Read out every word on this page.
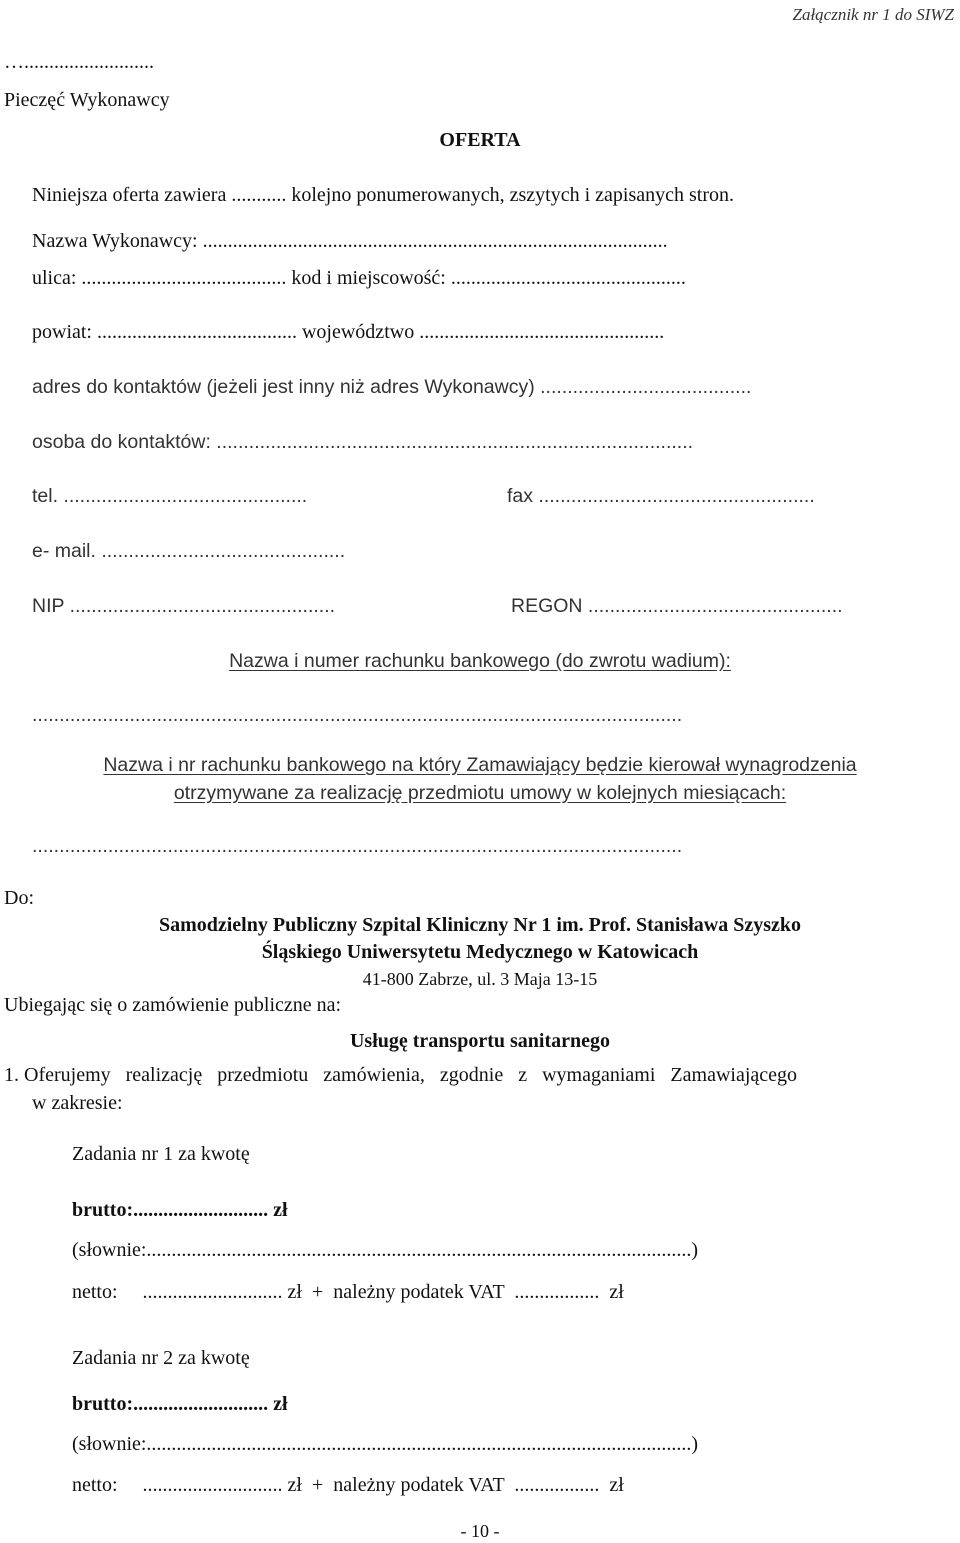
Załącznik nr 1 do SIWZ
…..........................
Pieczęć Wykonawcy
OFERTA
Niniejsza oferta zawiera ........... kolejno ponumerowanych, zszytych i zapisanych stron.
Nazwa Wykonawcy: .............................................................................................
ulica: ......................................... kod i miejscowość: ...............................................
powiat: ........................................ województwo .................................................
adres do kontaktów (jeżeli jest inny niż adres Wykonawcy) .......................................
osoba do kontaktów: ........................................................................................
tel. .............................................	fax ...................................................
e- mail. .............................................
NIP .................................................	REGON ...............................................
Nazwa i numer rachunku bankowego (do zwrotu wadium):
........................................................................................................................
Nazwa i nr rachunku bankowego na który Zamawiający będzie kierował wynagrodzenia
otrzymywane za realizację przedmiotu umowy w kolejnych miesiącach:
........................................................................................................................
Do:
Samodzielny Publiczny Szpital Kliniczny Nr 1 im. Prof. Stanisława Szyszko
Śląskiego Uniwersytetu Medycznego w Katowicach
41-800 Zabrze, ul. 3 Maja 13-15
Ubiegając się o zamówienie publiczne na:
Usługę transportu sanitarnego
1. Oferujemy   realizację   przedmiotu   zamówienia,   zgodnie   z   wymaganiami   Zamawiającego
w zakresie:
Zadania nr 1 za kwotę
brutto:........................... zł
(słownie:.............................................................................................................)
netto:     ............................ zł  +  należny podatek VAT  .................  zł
Zadania nr 2 za kwotę
brutto:........................... zł
(słownie:.............................................................................................................)
netto:     ............................ zł  +  należny podatek VAT  .................  zł
- 10 -
